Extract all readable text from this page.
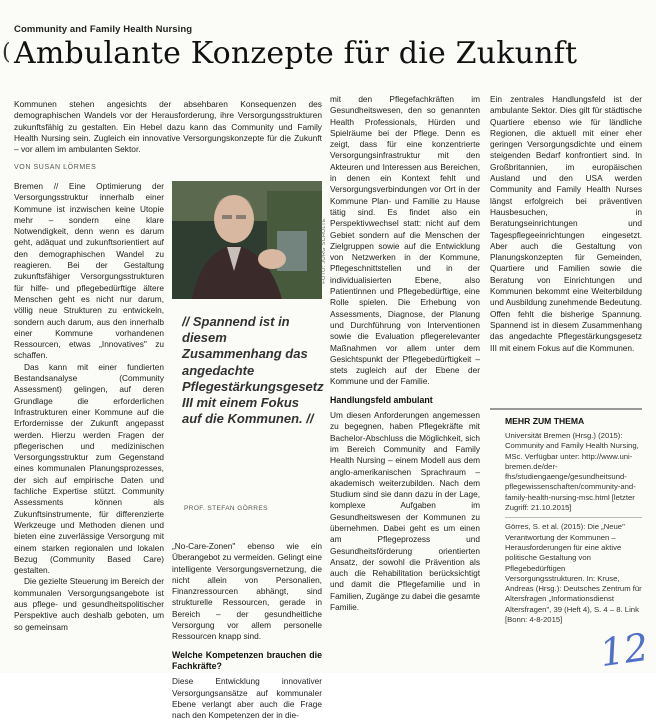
(
Community and Family Health Nursing
Ambulante Konzepte für die Zukunft
Kommunen stehen angesichts der absehbaren Konsequenzen des demographischen Wandels vor der Herausforderung, ihre Versorgungsstrukturen zukunftsfähig zu gestalten. Ein Hebel dazu kann das Community und Family Health Nursing sein. Zugleich ein innovative Versorgungskonzepte für die Zukunft – vor allem im ambulanten Sektor.
VON SUSAN LÖRMES

Bremen // Eine Optimierung der Versorgungsstruktur innerhalb einer Kommune ist inzwischen keine Utopie mehr – sondern eine klare Notwendigkeit, denn wenn es darum geht, adäquat und zukunftsorientiert auf den demographischen Wandel zu reagieren. Bei der Gestaltung zukunftsfähiger Versorgungsstrukturen für hilfe- und pflegebedürftige ältere Menschen geht es nicht nur darum, völlig neue Strukturen zu entwickeln, sondern auch darum, aus den innerhalb einer Kommune vorhandenen Ressourcen, etwas „Innovatives" zu schaffen.

Das kann mit einer fundierten Bestandsanalyse (Community Assessment) gelingen, auf deren Grundlage die erforderlichen Infrastrukturen einer Kommune auf die Erfordernisse der Zukunft angepasst werden. Hierzu werden Fragen der pflegerischen und medizinischen Versorgungsstruktur zum Gegenstand eines kommunalen Planungsprozesses, der sich auf empirische Daten und fachliche Expertise stützt. Community Assessments können als Zukunftsinstrumente, für differenzierte Werkzeuge und Methoden dienen und bieten eine zuverlässige Versorgung mit einem starken regionalen und lokalen Bezug (Community Based Care) gestalten.

Die gezielte Steuerung im Bereich der kommunalen Versorgungsangebote ist aus pflege- und gesundheitspolitischer Perspektive auch deshalb geboten, um so gemeinsam

FOTO: JÖRG SCHULTE
// Spannend ist in diesem Zusammenhang das angedachte Pflegestärkungsgesetz III mit einem Fokus auf die Kommunen. //
PROF. STEFAN GÖRRES

„No-Care-Zonen" ebenso wie ein Überangebot zu vermeiden. Gelingt eine intelligente Versorgungsvernetzung, die nicht allein von Personalien, Finanzressourcen abhängt, sind strukturelle Ressourcen, gerade in Bereich – der gesundheitliche Versorgung vor allem personelle Ressourcen knapp sind.

Welche Kompetenzen brauchen die Fachkräfte?

Diese Entwicklung innovativer Versorgungsansätze auf kommunaler Ebene verlangt aber auch die Frage nach den Kompetenzen der in die-

mit den Pflegefachkräften im Gesundheitswesen, den so genannten Health Professionals, Hürden und Spielräume bei der Pflege. Denn es zeigt, dass für eine konzentrierte Versorgungsinfrastruktur mit den Akteuren und Interessen aus Bereichen, in denen ein Kontext fehlt und Versorgungsverbindungen vor Ort in der Kommune Plan- und Familie zu Hause tätig sind. Es findet also ein Perspektivwechsel statt: nicht auf dem Gebiet sondern auf die Menschen der Zielgruppen sowie auf die Entwicklung von Netzwerken in der Kommune, Pflegeschnittstellen und in der individualisierten Ebene, also Patientinnen und Pflegebedürftige, eine Rolle spielen. Die Erhebung von Assessments, Diagnose, der Planung und Durchführung von Interventionen sowie die Evaluation pflegerelevanter Maßnahmen vor allem unter dem Gesichtspunkt der Pflegebedürftigkeit – stets zugleich auf der Ebene der Kommune und der Familie.

Handlungsfeld ambulant

Um diesen Anforderungen angemessen zu begegnen, haben Pflegekräfte mit Bachelor-Abschluss die Möglichkeit, sich im Bereich Community and Family Health Nursing – einem Modell aus dem anglo-amerikanischen Sprachraum – akademisch weiterzubilden. Nach dem Studium sind sie dann dazu in der Lage, komplexe Aufgaben im Gesundheitswesen der Kommunen zu übernehmen. Dabei geht es um einen am Pflegeprozess und Gesundheitsförderung orientierten Ansatz, der sowohl die Prävention als auch die Rehabilitation berücksichtigt und damit die Pflegefamilie und in Familien, Zugänge zu dabei die gesamte Familie.

Ein zentrales Handlungsfeld ist der ambulante Sektor. Dies gilt für städtische Quartiere ebenso wie für ländliche Regionen, die aktuell mit einer eher geringen Versorgungsdichte und einem steigenden Bedarf konfrontiert sind. In Großbritannien, im europäischen Ausland und den USA werden Community and Family Health Nurses längst erfolgreich bei präventiven Hausbesuchen, in Beratungseinrichtungen und Tagespflegeeinrichtungen eingesetzt. Aber auch die Gestaltung von Planungskonzepten für Gemeinden, Quartiere und Familien sowie die Beratung von Einrichtungen und Kommunen bekommt eine Weiterbildung und Ausbildung zunehmende Bedeutung. Offen fehlt die bisherige Spannung. Spannend ist in diesem Zusammenhang das angedachte Pflegestärkungsgesetz III mit einem Fokus auf die Kommunen.

MEHR ZUM THEMA
Universität Bremen (Hrsg.) (2015): Community and Family Health Nursing, MSc. Verfügbar unter: http://www.uni-bremen.de/der-fhs/studiengaenge/gesundheitsund-pflegewissenschaften/community-and-family-health-nursing-msc.html [letzter Zugriff: 21.10.2015]
Görres, S. et al. (2015): Die „Neue" Verantwortung der Kommunen – Herausforderungen für eine aktive politische Gestaltung von Pflegebedürftigen Versorgungsstrukturen. In: Kruse, Andreas (Hrsg.): Deutsches Zentrum für Altersfragen „Informationsdienst Altersfragen", 39 (Heft 4), S. 4 – 8. Link [Bonn: 4-8-2015]
12
